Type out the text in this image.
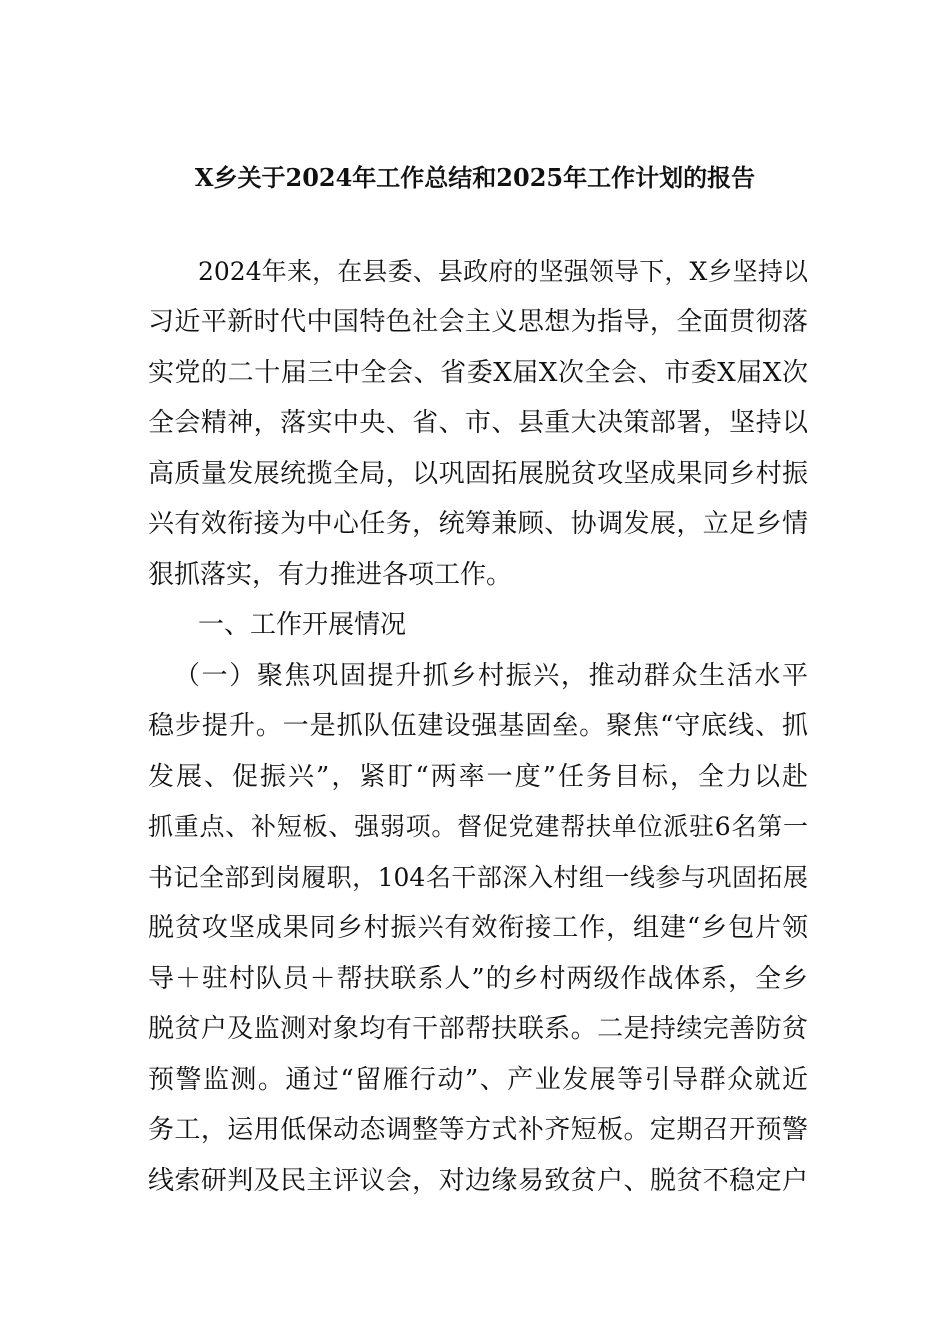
X乡关于2024年工作总结和2025年工作计划的报告
2024年来，在县委、县政府的坚强领导下，X乡坚持以
习近平新时代中国特色社会主义思想为指导，全面贯彻落
实党的二十届三中全会、省委X届X次全会、市委X届X次
全会精神，落实中央、省、市、县重大决策部署，坚持以
高质量发展统揽全局，以巩固拓展脱贫攻坚成果同乡村振
兴有效衔接为中心任务，统筹兼顾、协调发展，立足乡情
狠抓落实，有力推进各项工作。
一、工作开展情况
（一）聚焦巩固提升抓乡村振兴，推动群众生活水平
稳步提升。一是抓队伍建设强基固垒。聚焦“守底线、抓
发展、促振兴”，紧盯“两率一度”任务目标，全力以赴
抓重点、补短板、强弱项。督促党建帮扶单位派驻6名第一
书记全部到岗履职，104名干部深入村组一线参与巩固拓展
脱贫攻坚成果同乡村振兴有效衔接工作，组建“乡包片领
导＋驻村队员＋帮扶联系人”的乡村两级作战体系，全乡
脱贫户及监测对象均有干部帮扶联系。二是持续完善防贫
预警监测。通过“留雁行动”、产业发展等引导群众就近
务工，运用低保动态调整等方式补齐短板。定期召开预警
线索研判及民主评议会，对边缘易致贫户、脱贫不稳定户
